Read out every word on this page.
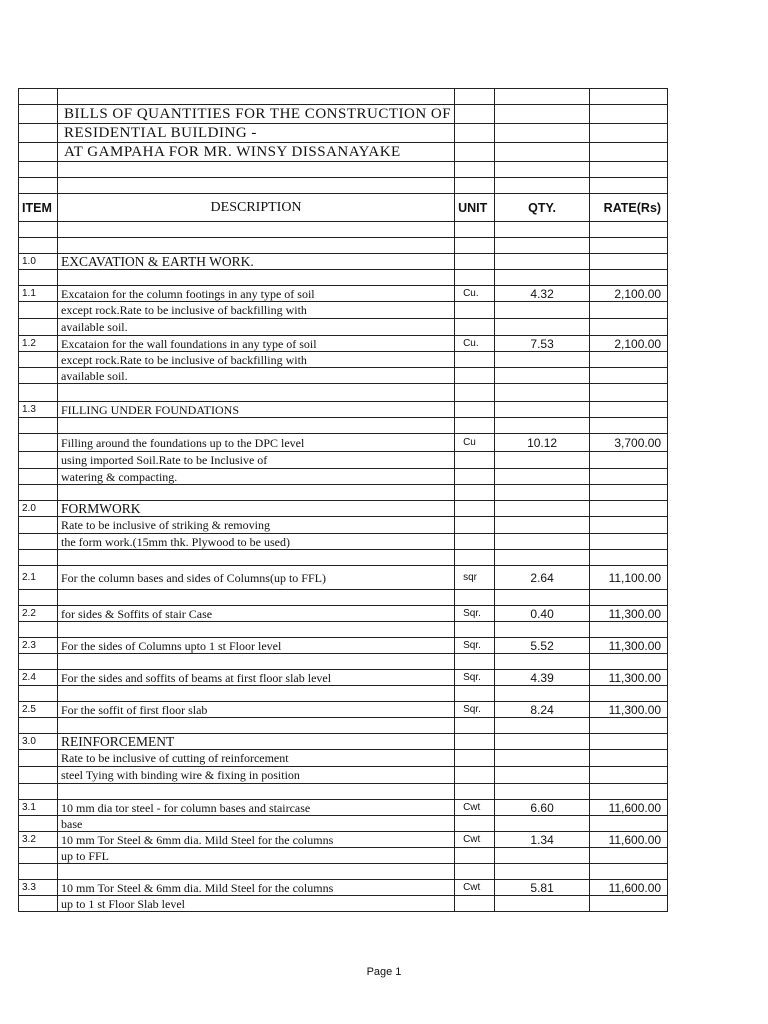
	BILLS OF QUANTITIES FOR THE CONSTRUCTION OF			
	RESIDENTIAL BUILDING -			
	AT GAMPAHA FOR MR. WINSY DISSANAYAKE			

ITEM	DESCRIPTION	UNIT	QTY.	RATE(Rs)

1.0	EXCAVATION & EARTH WORK.			

1.1	Excataion for the column footings in any type of soil	Cu.	4.32	2,100.00
	except rock.Rate to be inclusive of backfilling with			
	available soil.			
1.2	Excataion for the wall foundations in any type of soil	Cu.	7.53	2,100.00
	except rock.Rate to be inclusive of backfilling with			
	available soil.			

1.3	FILLING UNDER FOUNDATIONS			

	Filling around the foundations up to the DPC level	Cu	10.12	3,700.00
	using imported Soil.Rate to be Inclusive of			
	watering & compacting.			

2.0	FORMWORK			
	Rate to be inclusive of striking & removing			
	the form work.(15mm thk. Plywood to be used)			

2.1	For the column bases and sides of Columns(up to FFL)	sqr	2.64	11,100.00

2.2	for sides & Soffits of stair Case	Sqr.	0.40	11,300.00

2.3	For the sides of Columns upto 1 st Floor level	Sqr.	5.52	11,300.00

2.4	For the sides and soffits of beams at first floor slab level	Sqr.	4.39	11,300.00

2.5	For the soffit of first floor slab	Sqr.	8.24	11,300.00

3.0	REINFORCEMENT			
	Rate to be inclusive of cutting of reinforcement			
	steel Tying with binding wire & fixing in position			

3.1	10 mm dia tor steel - for column bases and staircase	Cwt	6.60	11,600.00
	base			
3.2	10 mm Tor Steel & 6mm dia. Mild Steel for the columns	Cwt	1.34	11,600.00
	up to FFL			

3.3	10 mm Tor Steel & 6mm dia. Mild Steel for the columns	Cwt	5.81	11,600.00
	up to 1 st Floor Slab level			
Page 1
